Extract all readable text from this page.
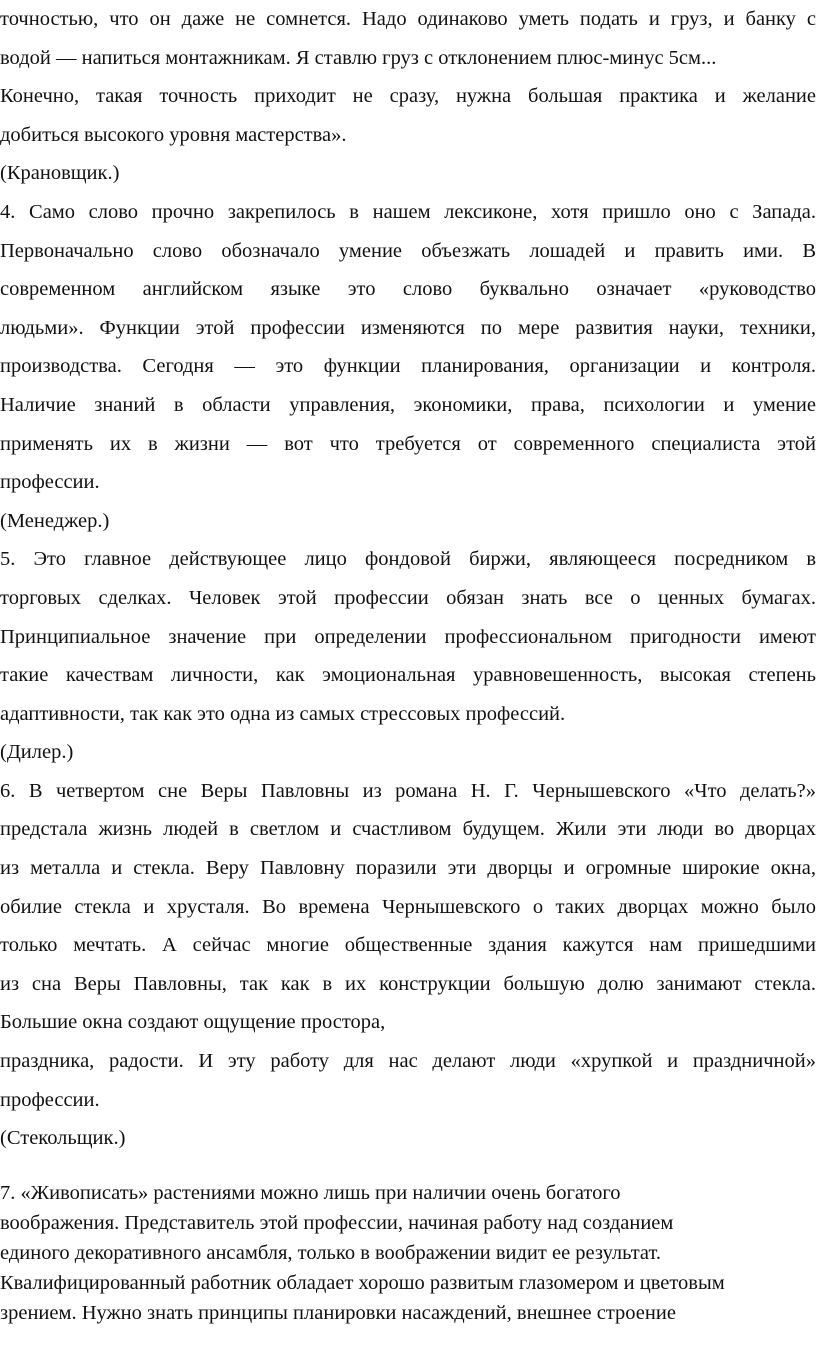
точностью, что он даже не сомнется. Надо одинаково уметь подать и груз, и банку с
водой — напиться монтажникам. Я ставлю груз с отклонением плюс-минус 5см...
Конечно, такая точность приходит не сразу, нужна большая практика и желание
добиться высокого уровня мастерства».
(Крановщик.)
4. Само слово прочно закрепилось в нашем лексиконе, хотя пришло оно с Запада.
Первоначально слово обозначало умение объезжать лошадей и править ими. В
современном английском языке это слово буквально означает «руководство
людьми». Функции этой профессии изменяются по мере развития науки, техники,
производства. Сегодня — это функции планирования, организации и контроля.
Наличие знаний в области управления, экономики, права, психологии и умение
применять их в жизни — вот что требуется от современного специалиста этой
профессии.
(Менеджер.)
5. Это главное действующее лицо фондовой биржи, являющееся посредником в
торговых сделках. Человек этой профессии обязан знать все о ценных бумагах.
Принципиальное значение при определении профессиональном пригодности имеют
такие качествам личности, как эмоциональная уравновешенность, высокая степень
адаптивности, так как это одна из самых стрессовых профессий.
(Дилер.)
6. В четвертом сне Веры Павловны из романа Н. Г. Чернышевского «Что делать?»
предстала жизнь людей в светлом и счастливом будущем. Жили эти люди во дворцах
из металла и стекла. Веру Павловну поразили эти дворцы и огромные широкие окна,
обилие стекла и хрусталя. Во времена Чернышевского о таких дворцах можно было
только мечтать. А сейчас многие общественные здания кажутся нам пришедшими
из сна Веры Павловны, так как в их конструкции большую долю занимают стекла.
Большие окна создают ощущение простора,
праздника, радости. И эту работу для нас делают люди «хрупкой и праздничной»
профессии.
(Стекольщик.)
7. «Живописать» растениями можно лишь при наличии очень богатого
воображения. Представитель этой профессии, начиная работу над созданием
единого декоративного ансамбля, только в воображении видит ее результат.
Квалифицированный работник обладает хорошо развитым глазомером и цветовым
зрением. Нужно знать принципы планировки насаждений, внешнее строение
